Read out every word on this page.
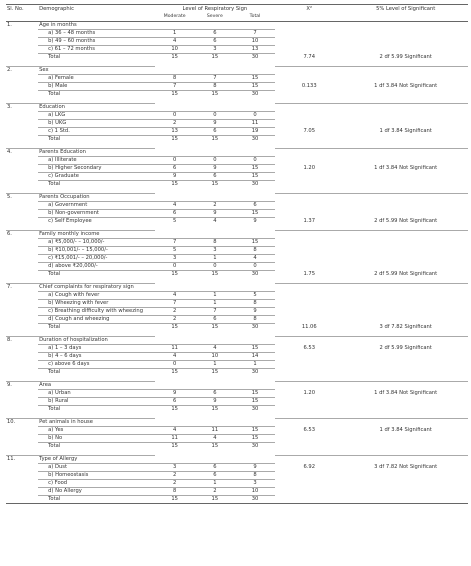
Sl. No.	Demographic	Level of Respiratory Sign			X²	5% Level of Significant
		Moderate	Severe	Total		
1.	Age in months					
	a) 36 – 48 months	1	6	7		
	b) 49 – 60 months	4	6	10		
	c) 61 – 72 months	10	3	13		
	Total	15	15	30	7.74	2 df 5.99 Significant

2.	Sex					
	a) Female	8	7	15		
	b) Male	7	8	15	0.133	1 df 3.84 Not Significant
	Total	15	15	30		

3.	Education					
	a) LKG	0	0	0		
	b) UKG	2	9	11		
	c) 1 Std.	13	6	19	7.05	1 df 3.84 Significant
	Total	15	15	30		

4.	Parents Education					
	a) Illiterate	0	0	0		
	b) Higher Secondary	6	9	15	1.20	1 df 3.84 Not Significant
	c) Graduate	9	6	15		
	Total	15	15	30		

5.	Parents Occupation					
	a) Government	4	2	6		
	b) Non-government	6	9	15		
	c) Self Employee	5	4	9	1.37	2 df 5.99 Not Significant

6.	Family monthly income					
	a) ₹5,000/- – 10,000/-	7	8	15		
	b) ₹10,001/- – 15,000/-	5	3	8		
	c) ₹15,001/- – 20,000/-	3	1	4		
	d) above ₹20,000/-	0	0	0		
	Total	15	15	30	1.75	2 df 5.99 Not Significant

7.	Chief complaints for respiratory sign					
	a) Cough with fever	4	1	5		
	b) Wheezing with fever	7	1	8		
	c) Breathing difficulty with wheezing	2	7	9		
	d) Cough and wheezing	2	6	8		
	Total	15	15	30	11.06	3 df 7.82 Significant

8.	Duration of hospitalization					
	a) 1 – 3 days	11	4	15	6.53	2 df 5.99 Significant
	b) 4 – 6 days	4	10	14		
	c) above 6 days	0	1	1		
	Total	15	15	30		

9.	Area					
	a) Urban	9	6	15	1.20	1 df 3.84 Not Significant
	b) Rural	6	9	15		
	Total	15	15	30		

10.	Pet animals in house					
	a) Yes	4	11	15	6.53	1 df 3.84 Significant
	b) No	11	4	15		
	Total	15	15	30		

11.	Type of Allergy					
	a) Dust	3	6	9	6.92	3 df 7.82 Not Significant
	b) Homeostasis	2	6	8		
	c) Food	2	1	3		
	d) No Allergy	8	2	10		
	Total	15	15	30		
